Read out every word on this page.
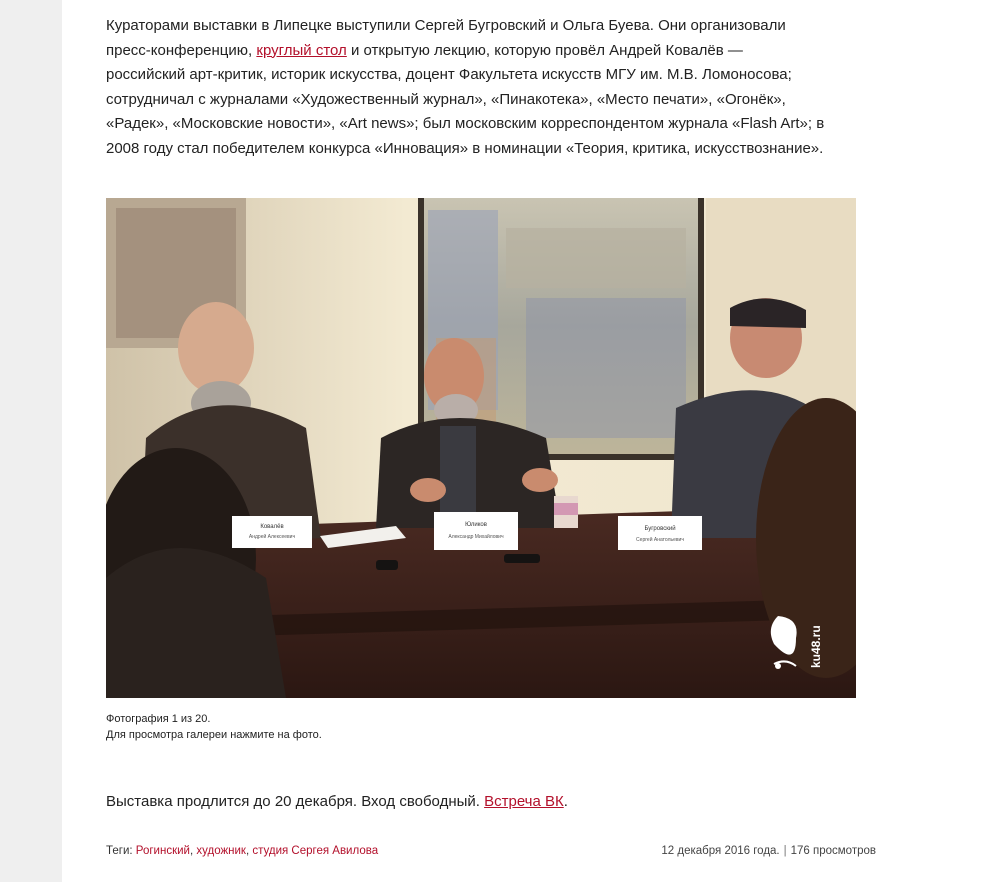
Кураторами выставки в Липецке выступили Сергей Бугровский и Ольга Буева. Они организовали пресс-конференцию, круглый стол и открытую лекцию, которую провёл Андрей Ковалёв — российский арт-критик, историк искусства, доцент Факультета искусств МГУ им. М.В. Ломоносова; сотрудничал с журналами «Художественный журнал», «Пинакотека», «Место печати», «Огонёк», «Радек», «Московские новости», «Art news»; был московским корреспондентом журнала «Flash Art»; в 2008 году стал победителем конкурса «Инновация» в номинации «Теория, критика, искусствознание».

Ковалёв
Андрей Алексеевич
Юликов
Александр Михайлович
Бугровский
Сергей Анатольевич
ku48.ru
Фотография 1 из 20.
Для просмотра галереи нажмите на фото.

Выставка продлится до 20 декабря. Вход свободный. Встреча ВК.

Теги: Рогинский, художник, студия Сергея Авилова	12 декабря 2016 года. | 176 просмотров
